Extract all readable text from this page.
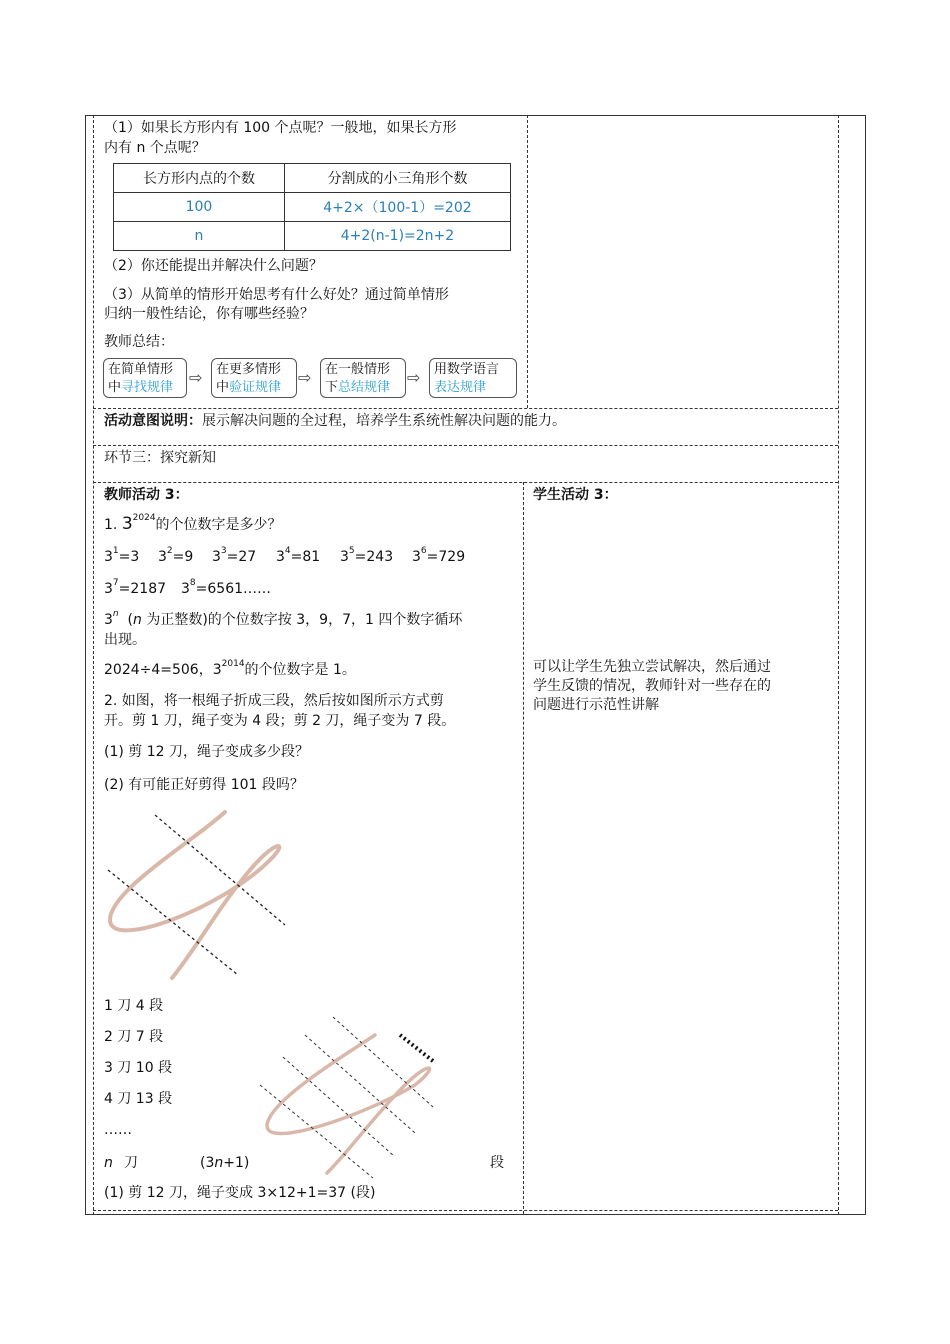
（1）如果长方形内有 100 个点呢？一般地，如果长方形
内有 n 个点呢？
长方形内点的个数	分割成的小三角形个数
100	4+2×（100-1）=202
n	4+2(n-1)=2n+2
（2）你还能提出并解决什么问题？
（3）从简单的情形开始思考有什么好处？通过简单情形
归纳一般性结论，你有哪些经验？
教师总结：
在简单情形
中寻找规律
⇨ 在更多情形
中验证规律
⇨ 在一般情形
下总结规律
⇨ 用数学语言
表达规律
活动意图说明：展示解决问题的全过程，培养学生系统性解决问题的能力。
环节三：探究新知
教师活动 3：
1. $3^{2024}$的个位数字是多少？
$3^1=3$ $3^2=9$ $3^3=27$ $3^4=81$ $3^5=243$ $3^6=729$
$3^7=2187$ $3^8=6561\dots\dots$
3$^n$ (n 为正整数)的个位数字按 3，9，7，1 四个数字循环
出现。
2024÷4=506，$3^{2014}$的个位数字是 1。
2. 如图，将一根绳子折成三段，然后按如图所示方式剪
开。剪 1 刀，绳子变为 4 段；剪 2 刀，绳子变为 7 段。
(1) 剪 12 刀，绳子变成多少段？
(2) 有可能正好剪得 101 段吗？
1 刀 4 段
2 刀 7 段
3 刀 10 段
4 刀 13 段
……
n 刀	(3n+1)	段
(1) 剪 12 刀，绳子变成 3×12+1=37 (段)
学生活动 3：
可以让学生先独立尝试解决，然后通过
学生反馈的情况，教师针对一些存在的
问题进行示范性讲解
